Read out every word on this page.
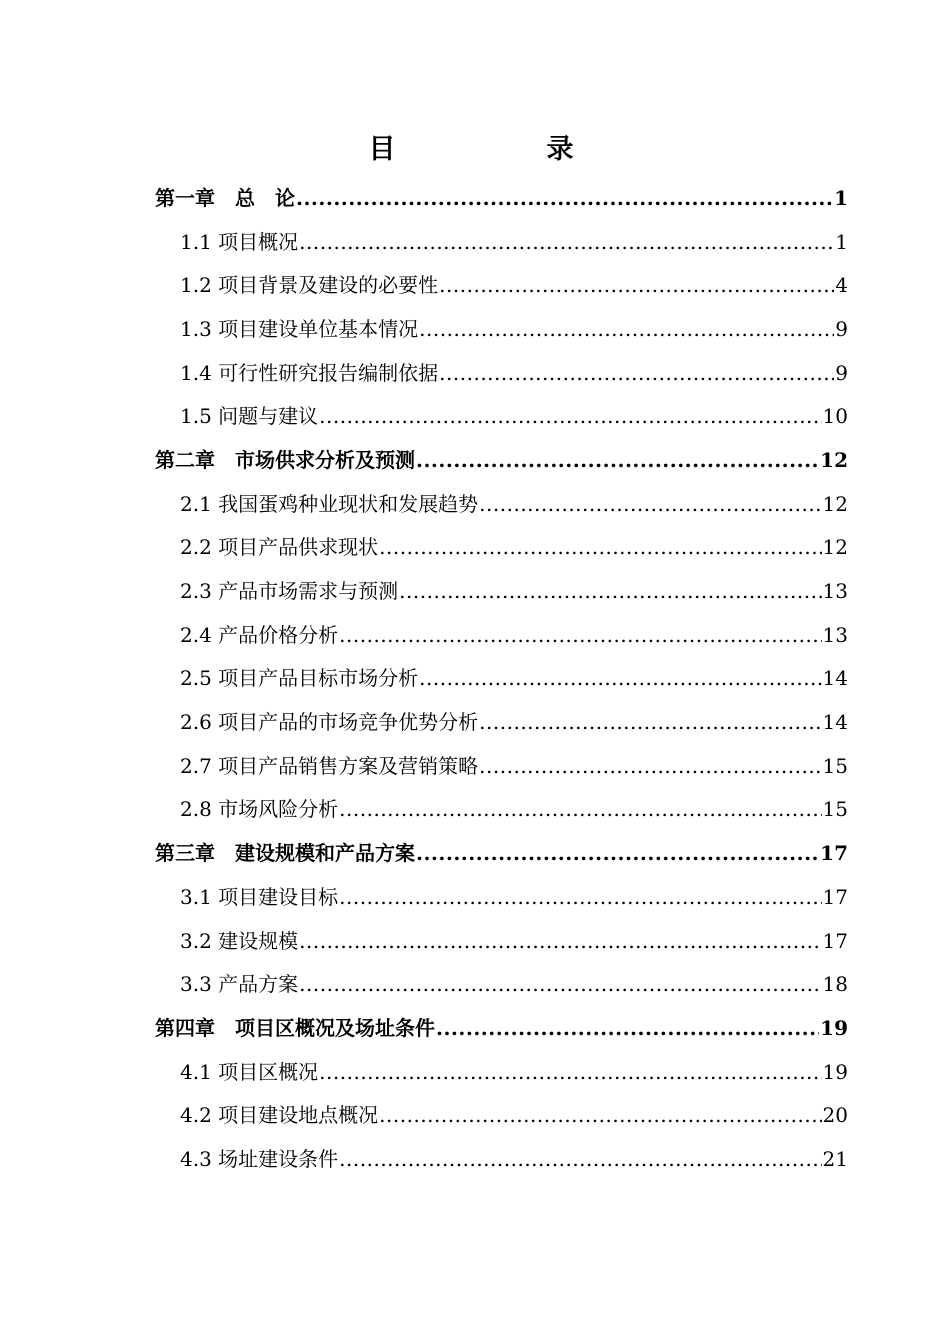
目　录
第一章　总　论 .....	1
1.1 项目概况 .....	1
1.2 项目背景及建设的必要性 .....	4
1.3 项目建设单位基本情况 .....	9
1.4 可行性研究报告编制依据 .....	9
1.5 问题与建议 .....	10
第二章　市场供求分析及预测 .....	12
2.1 我国蛋鸡种业现状和发展趋势 .....	12
2.2 项目产品供求现状 .....	12
2.3 产品市场需求与预测 .....	13
2.4 产品价格分析 .....	13
2.5 项目产品目标市场分析 .....	14
2.6 项目产品的市场竞争优势分析 .....	14
2.7 项目产品销售方案及营销策略 .....	15
2.8 市场风险分析 .....	15
第三章　建设规模和产品方案 .....	17
3.1 项目建设目标 .....	17
3.2 建设规模 .....	17
3.3 产品方案 .....	18
第四章　项目区概况及场址条件 .....	19
4.1 项目区概况 .....	19
4.2 项目建设地点概况 .....	20
4.3 场址建设条件 .....	21
